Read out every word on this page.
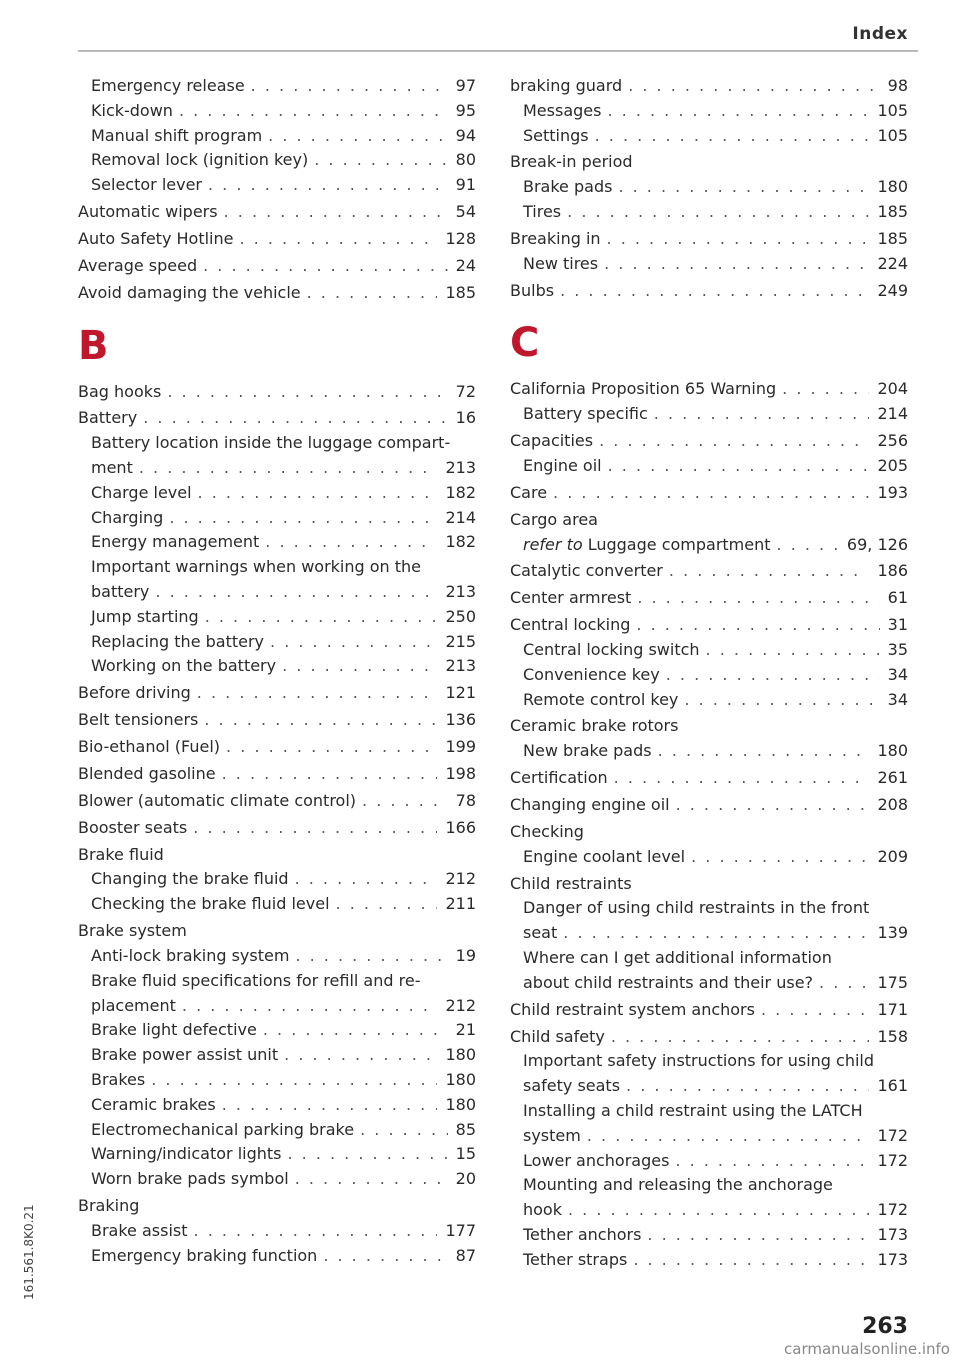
Index
Emergency release . . .	97
Kick-down . . .	95
Manual shift program . . .	94
Removal lock (ignition key) . . .	80
Selector lever . . .	91
Automatic wipers . . .	54
Auto Safety Hotline . . .	128
Average speed . . .	24
Avoid damaging the vehicle . . .	185
B
Bag hooks . . .	72
Battery . . .	16
Battery location inside the luggage compart-
ment . . .	213
Charge level . . .	182
Charging . . .	214
Energy management . . .	182
Important warnings when working on the
battery . . .	213
Jump starting . . .	250
Replacing the battery . . .	215
Working on the battery . . .	213
Before driving . . .	121
Belt tensioners . . .	136
Bio-ethanol (Fuel) . . .	199
Blended gasoline . . .	198
Blower (automatic climate control) . . .	78
Booster seats . . .	166
Brake fluid
Changing the brake fluid . . .	212
Checking the brake fluid level . . .	211
Brake system
Anti-lock braking system . . .	19
Brake fluid specifications for refill and re-
placement . . .	212
Brake light defective . . .	21
Brake power assist unit . . .	180
Brakes . . .	180
Ceramic brakes . . .	180
Electromechanical parking brake . . .	85
Warning/indicator lights . . .	15
Worn brake pads symbol . . .	20
Braking
Brake assist . . .	177
Emergency braking function . . .	87
braking guard . . .	98
Messages . . .	105
Settings . . .	105
Break-in period
Brake pads . . .	180
Tires . . .	185
Breaking in . . .	185
New tires . . .	224
Bulbs . . .	249
C
California Proposition 65 Warning . . .	204
Battery specific . . .	214
Capacities . . .	256
Engine oil . . .	205
Care . . .	193
Cargo area
refer to Luggage compartment . . .	69, 126
Catalytic converter . . .	186
Center armrest . . .	61
Central locking . . .	31
Central locking switch . . .	35
Convenience key . . .	34
Remote control key . . .	34
Ceramic brake rotors
New brake pads . . .	180
Certification . . .	261
Changing engine oil . . .	208
Checking
Engine coolant level . . .	209
Child restraints
Danger of using child restraints in the front
seat . . .	139
Where can I get additional information
about child restraints and their use? . . .	175
Child restraint system anchors . . .	171
Child safety . . .	158
Important safety instructions for using child
safety seats . . .	161
Installing a child restraint using the LATCH
system . . .	172
Lower anchorages . . .	172
Mounting and releasing the anchorage
hook . . .	172
Tether anchors . . .	173
Tether straps . . .	173
161.561.8K0.21
263
carmanualsonline.info
